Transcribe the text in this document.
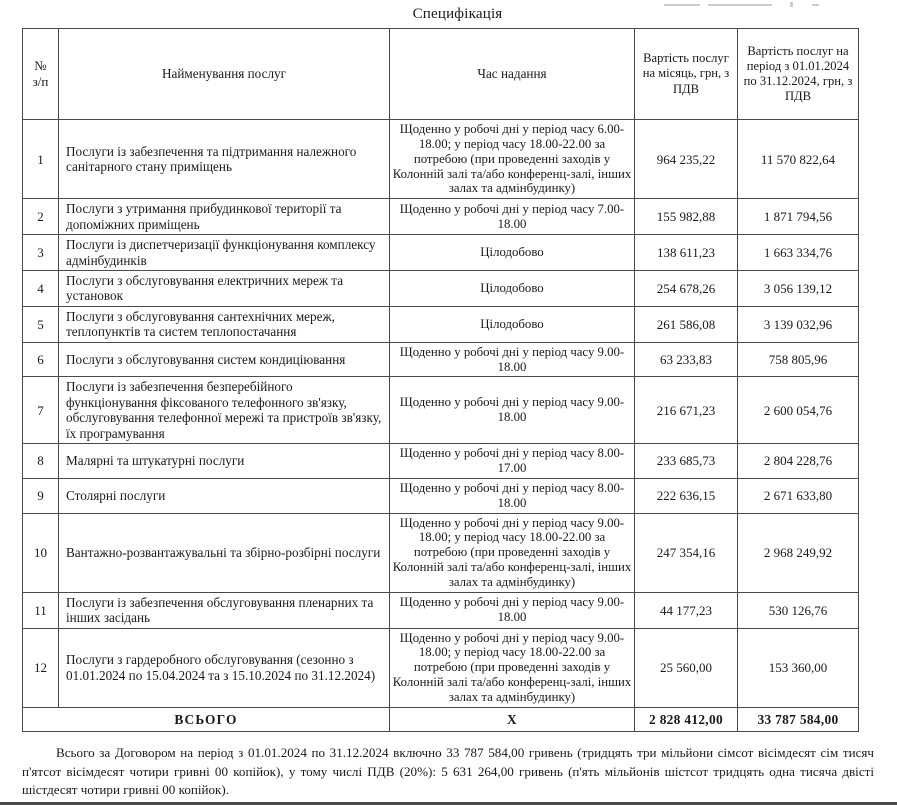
Специфікація
№
з/п	Найменування послуг	Час надання	Вартість послуг на місяць, грн, з ПДВ	Вартість послуг на період з 01.01.2024 по 31.12.2024, грн, з ПДВ
1	Послуги із забезпечення та підтримання належного санітарного стану приміщень	Щоденно у робочі дні у період часу 6.00-18.00; у період часу 18.00-22.00 за потребою (при проведенні заходів у Колонній залі та/або конференц-залі, інших залах та адмінбудинку)	964 235,22	11 570 822,64
2	Послуги з утримання прибудинкової території та допоміжних приміщень	Щоденно у робочі дні у період часу 7.00-18.00	155 982,88	1 871 794,56
3	Послуги із диспетчеризації функціонування комплексу адмінбудинків	Цілодобово	138 611,23	1 663 334,76
4	Послуги з обслуговування електричних мереж та установок	Цілодобово	254 678,26	3 056 139,12
5	Послуги з обслуговування сантехнічних мереж, теплопунктів та систем теплопостачання	Цілодобово	261 586,08	3 139 032,96
6	Послуги з обслуговування систем кондиціювання	Щоденно у робочі дні у період часу 9.00-18.00	63 233,83	758 805,96
7	Послуги із забезпечення безперебійного функціонування фіксованого телефонного зв'язку, обслуговування телефонної мережі та пристроїв зв'язку, їх програмування	Щоденно у робочі дні у період часу 9.00-18.00	216 671,23	2 600 054,76
8	Малярні та штукатурні послуги	Щоденно у робочі дні у період часу 8.00-17.00	233 685,73	2 804 228,76
9	Столярні послуги	Щоденно у робочі дні у період часу 8.00-18.00	222 636,15	2 671 633,80
10	Вантажно-розвантажувальні та збірно-розбірні послуги	Щоденно у робочі дні у період часу 9.00-18.00; у період часу 18.00-22.00 за потребою (при проведенні заходів у Колонній залі та/або конференц-залі, інших залах та адмінбудинку)	247 354,16	2 968 249,92
11	Послуги із забезпечення обслуговування пленарних та інших засідань	Щоденно у робочі дні у період часу 9.00-18.00	44 177,23	530 126,76
12	Послуги з гардеробного обслуговування (сезонно з 01.01.2024 по 15.04.2024 та з 15.10.2024 по 31.12.2024)	Щоденно у робочі дні у період часу 9.00-18.00; у період часу 18.00-22.00 за потребою (при проведенні заходів у Колонній залі та/або конференц-залі, інших залах та адмінбудинку)	25 560,00	153 360,00
ВСЬОГО		X	2 828 412,00	33 787 584,00
Всього за Договором на період з 01.01.2024 по 31.12.2024 включно 33 787 584,00 гривень (тридцять три мільйони сімсот вісімдесят сім тисяч п'ятсот вісімдесят чотири гривні 00 копійок), у тому числі ПДВ (20%): 5 631 264,00 гривень (п'ять мільйонів шістсот тридцять одна тисяча двісті шістдесят чотири гривні 00 копійок).
